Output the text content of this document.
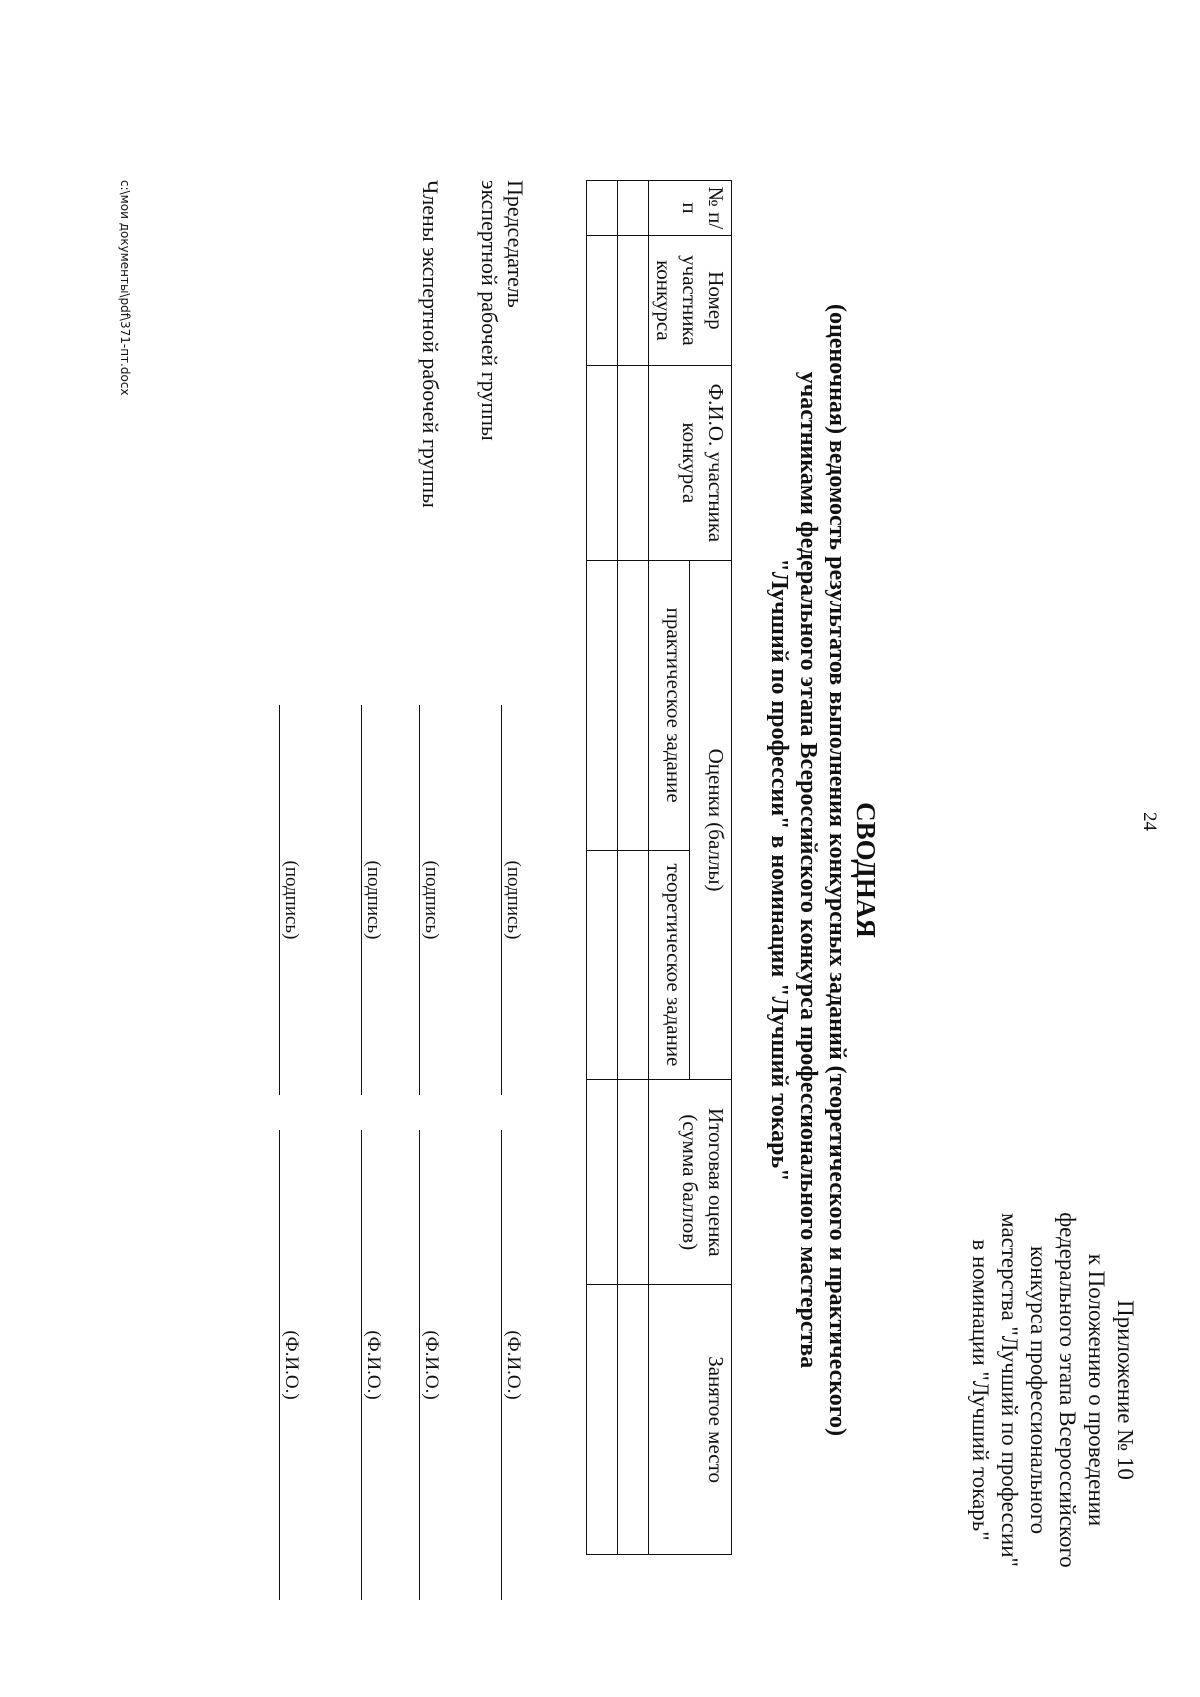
24
Приложение № 10
к Положению о проведении
федерального этапа Всероссийского
конкурса профессионального
мастерства "Лучший по профессии"
в номинации "Лучший токарь"
СВОДНАЯ
(оценочная) ведомость результатов выполнения конкурсных заданий (теоретического и практического)
участниками федерального этапа Всероссийского конкурса профессионального мастерства
"Лучший по профессии" в номинации "Лучший токарь"
№ п/ п	Номер участника конкурса	Ф.И.О. участника конкурса	Оценки (баллы)		Итоговая оценка (сумма баллов)	Занятое место
			практическое задание	теоретическое задание		

Председатель
экспертной рабочей группы
(подпись)
(Ф.И.О.)
Члены экспертной рабочей группы
(подпись)
(Ф.И.О.)
(подпись)
(Ф.И.О.)
(подпись)
(Ф.И.О.)
c:\мои документы\pdf\371-пт.docx
